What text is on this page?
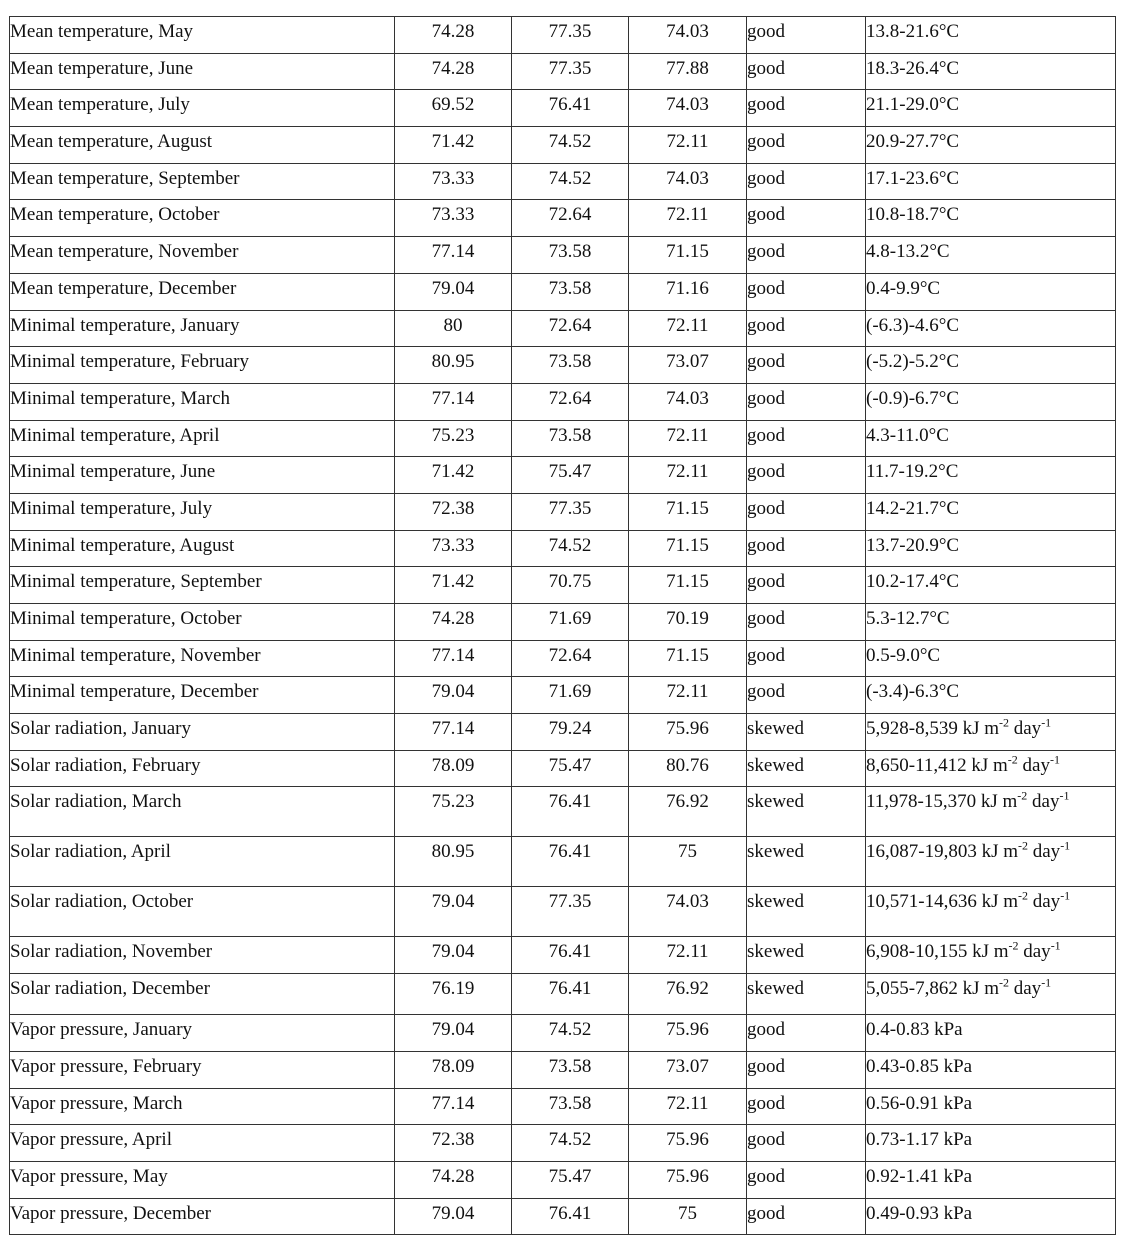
Mean temperature, May	74.28	77.35	74.03	good	13.8-21.6°C
Mean temperature, June	74.28	77.35	77.88	good	18.3-26.4°C
Mean temperature, July	69.52	76.41	74.03	good	21.1-29.0°C
Mean temperature, August	71.42	74.52	72.11	good	20.9-27.7°C
Mean temperature, September	73.33	74.52	74.03	good	17.1-23.6°C
Mean temperature, October	73.33	72.64	72.11	good	10.8-18.7°C
Mean temperature, November	77.14	73.58	71.15	good	4.8-13.2°C
Mean temperature, December	79.04	73.58	71.16	good	0.4-9.9°C
Minimal temperature, January	80	72.64	72.11	good	(-6.3)-4.6°C
Minimal temperature, February	80.95	73.58	73.07	good	(-5.2)-5.2°C
Minimal temperature, March	77.14	72.64	74.03	good	(-0.9)-6.7°C
Minimal temperature, April	75.23	73.58	72.11	good	4.3-11.0°C
Minimal temperature, June	71.42	75.47	72.11	good	11.7-19.2°C
Minimal temperature, July	72.38	77.35	71.15	good	14.2-21.7°C
Minimal temperature, August	73.33	74.52	71.15	good	13.7-20.9°C
Minimal temperature, September	71.42	70.75	71.15	good	10.2-17.4°C
Minimal temperature, October	74.28	71.69	70.19	good	5.3-12.7°C
Minimal temperature, November	77.14	72.64	71.15	good	0.5-9.0°C
Minimal temperature, December	79.04	71.69	72.11	good	(-3.4)-6.3°C
Solar radiation, January	77.14	79.24	75.96	skewed	5,928-8,539 kJ $m^{-2}$ day$^{-1}$
Solar radiation, February	78.09	75.47	80.76	skewed	8,650-11,412 kJ $m^{-2}$ day$^{-1}$
Solar radiation, March	75.23	76.41	76.92	skewed	11,978-15,370 kJ $m^{-2}$ day$^{-1}$
Solar radiation, April	80.95	76.41	75	skewed	16,087-19,803 kJ $m^{-2}$ day$^{-1}$
Solar radiation, October	79.04	77.35	74.03	skewed	10,571-14,636 kJ $m^{-2}$ day$^{-1}$
Solar radiation, November	79.04	76.41	72.11	skewed	6,908-10,155 kJ $m^{-2}$ day$^{-1}$
Solar radiation, December	76.19	76.41	76.92	skewed	5,055-7,862 kJ $m^{-2}$ day$^{-1}$
Vapor pressure, January	79.04	74.52	75.96	good	0.4-0.83 kPa
Vapor pressure, February	78.09	73.58	73.07	good	0.43-0.85 kPa
Vapor pressure, March	77.14	73.58	72.11	good	0.56-0.91 kPa
Vapor pressure, April	72.38	74.52	75.96	good	0.73-1.17 kPa
Vapor pressure, May	74.28	75.47	75.96	good	0.92-1.41 kPa
Vapor pressure, December	79.04	76.41	75	good	0.49-0.93 kPa
